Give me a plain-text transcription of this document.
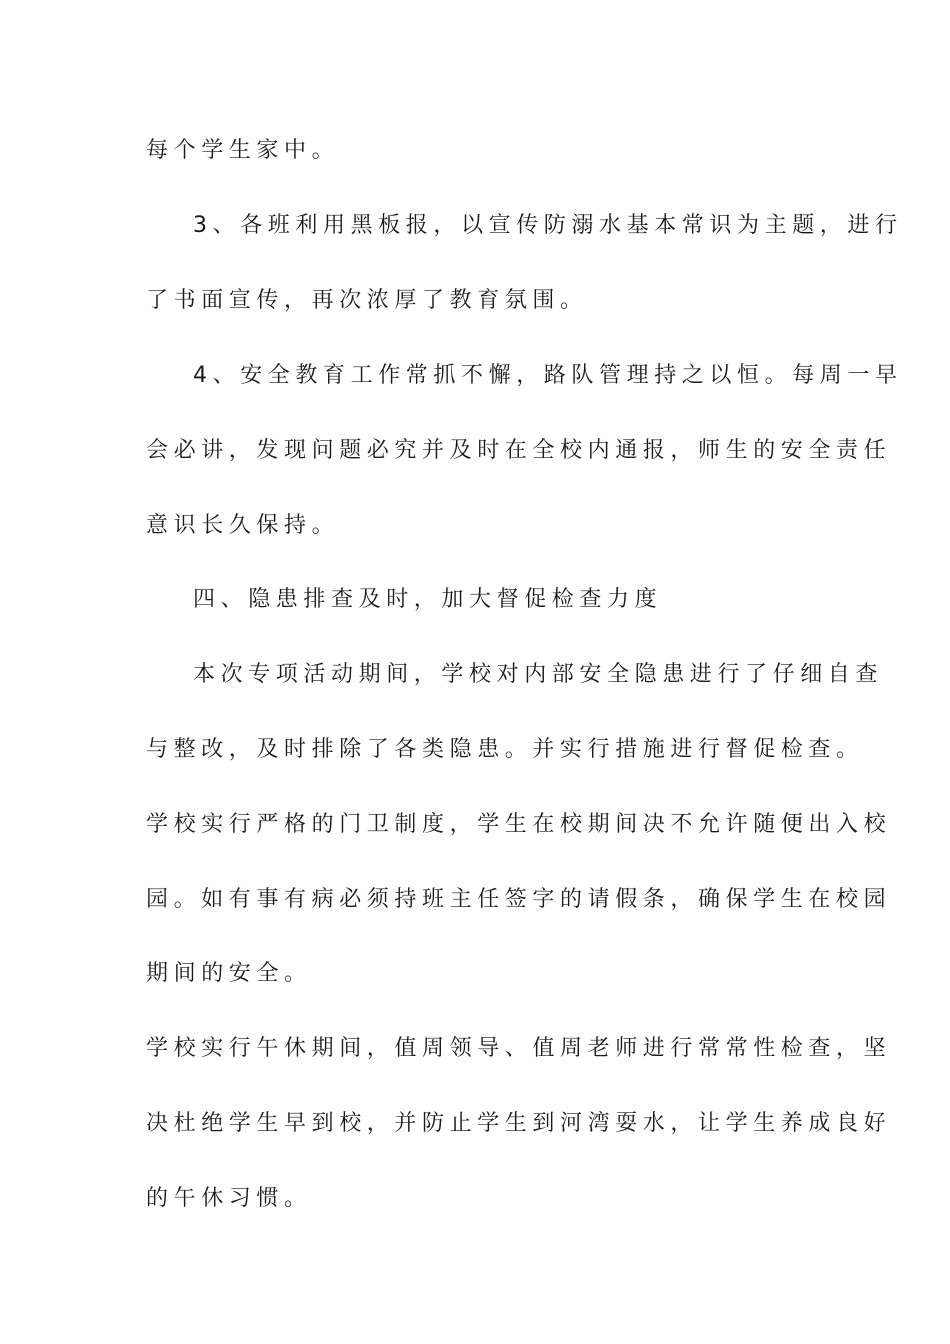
每个学生家中。
3、各班利用黑板报，以宣传防溺水基本常识为主题，进行
了书面宣传，再次浓厚了教育氛围。
4、安全教育工作常抓不懈，路队管理持之以恒。每周一早
会必讲，发现问题必究并及时在全校内通报，师生的安全责任
意识长久保持。
四、隐患排查及时，加大督促检查力度
本次专项活动期间，学校对内部安全隐患进行了仔细自查
与整改，及时排除了各类隐患。并实行措施进行督促检查。
学校实行严格的门卫制度，学生在校期间决不允许随便出入校
园。如有事有病必须持班主任签字的请假条，确保学生在校园
期间的安全。
学校实行午休期间，值周领导、值周老师进行常常性检查，坚
决杜绝学生早到校，并防止学生到河湾耍水，让学生养成良好
的午休习惯。
